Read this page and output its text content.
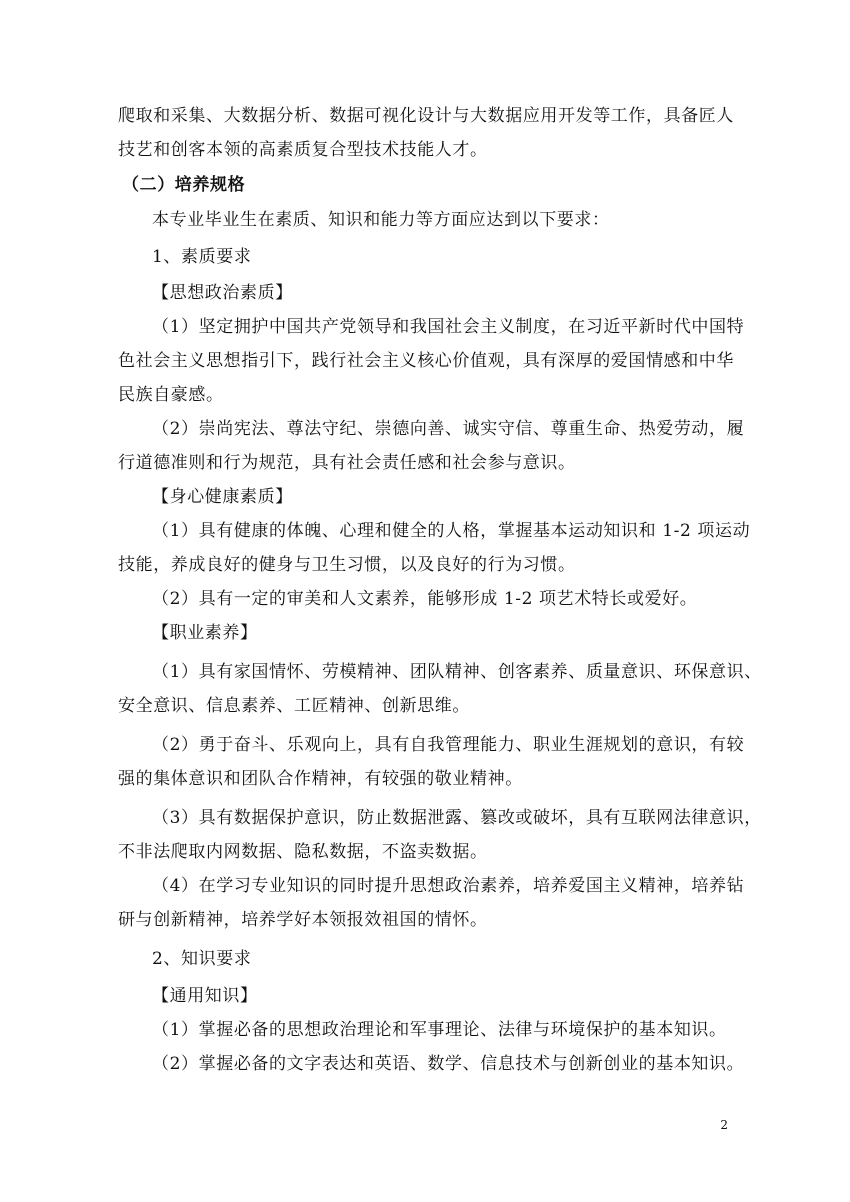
爬取和采集、大数据分析、数据可视化设计与大数据应用开发等工作，具备匠人
技艺和创客本领的高素质复合型技术技能人才。
（二）培养规格
本专业毕业生在素质、知识和能力等方面应达到以下要求：
1、素质要求
【思想政治素质】
（1）坚定拥护中国共产党领导和我国社会主义制度，在习近平新时代中国特
色社会主义思想指引下，践行社会主义核心价值观，具有深厚的爱国情感和中华
民族自豪感。
（2）崇尚宪法、尊法守纪、崇德向善、诚实守信、尊重生命、热爱劳动，履
行道德准则和行为规范，具有社会责任感和社会参与意识。
【身心健康素质】
（1）具有健康的体魄、心理和健全的人格，掌握基本运动知识和 1-2 项运动
技能，养成良好的健身与卫生习惯，以及良好的行为习惯。
（2）具有一定的审美和人文素养，能够形成 1-2 项艺术特长或爱好。
【职业素养】
（1）具有家国情怀、劳模精神、团队精神、创客素养、质量意识、环保意识、
安全意识、信息素养、工匠精神、创新思维。
（2）勇于奋斗、乐观向上，具有自我管理能力、职业生涯规划的意识，有较
强的集体意识和团队合作精神，有较强的敬业精神。
（3）具有数据保护意识，防止数据泄露、篡改或破坏，具有互联网法律意识，
不非法爬取内网数据、隐私数据，不盗卖数据。
（4）在学习专业知识的同时提升思想政治素养，培养爱国主义精神，培养钻
研与创新精神，培养学好本领报效祖国的情怀。
2、知识要求
【通用知识】
（1）掌握必备的思想政治理论和军事理论、法律与环境保护的基本知识。
（2）掌握必备的文字表达和英语、数学、信息技术与创新创业的基本知识。
2
